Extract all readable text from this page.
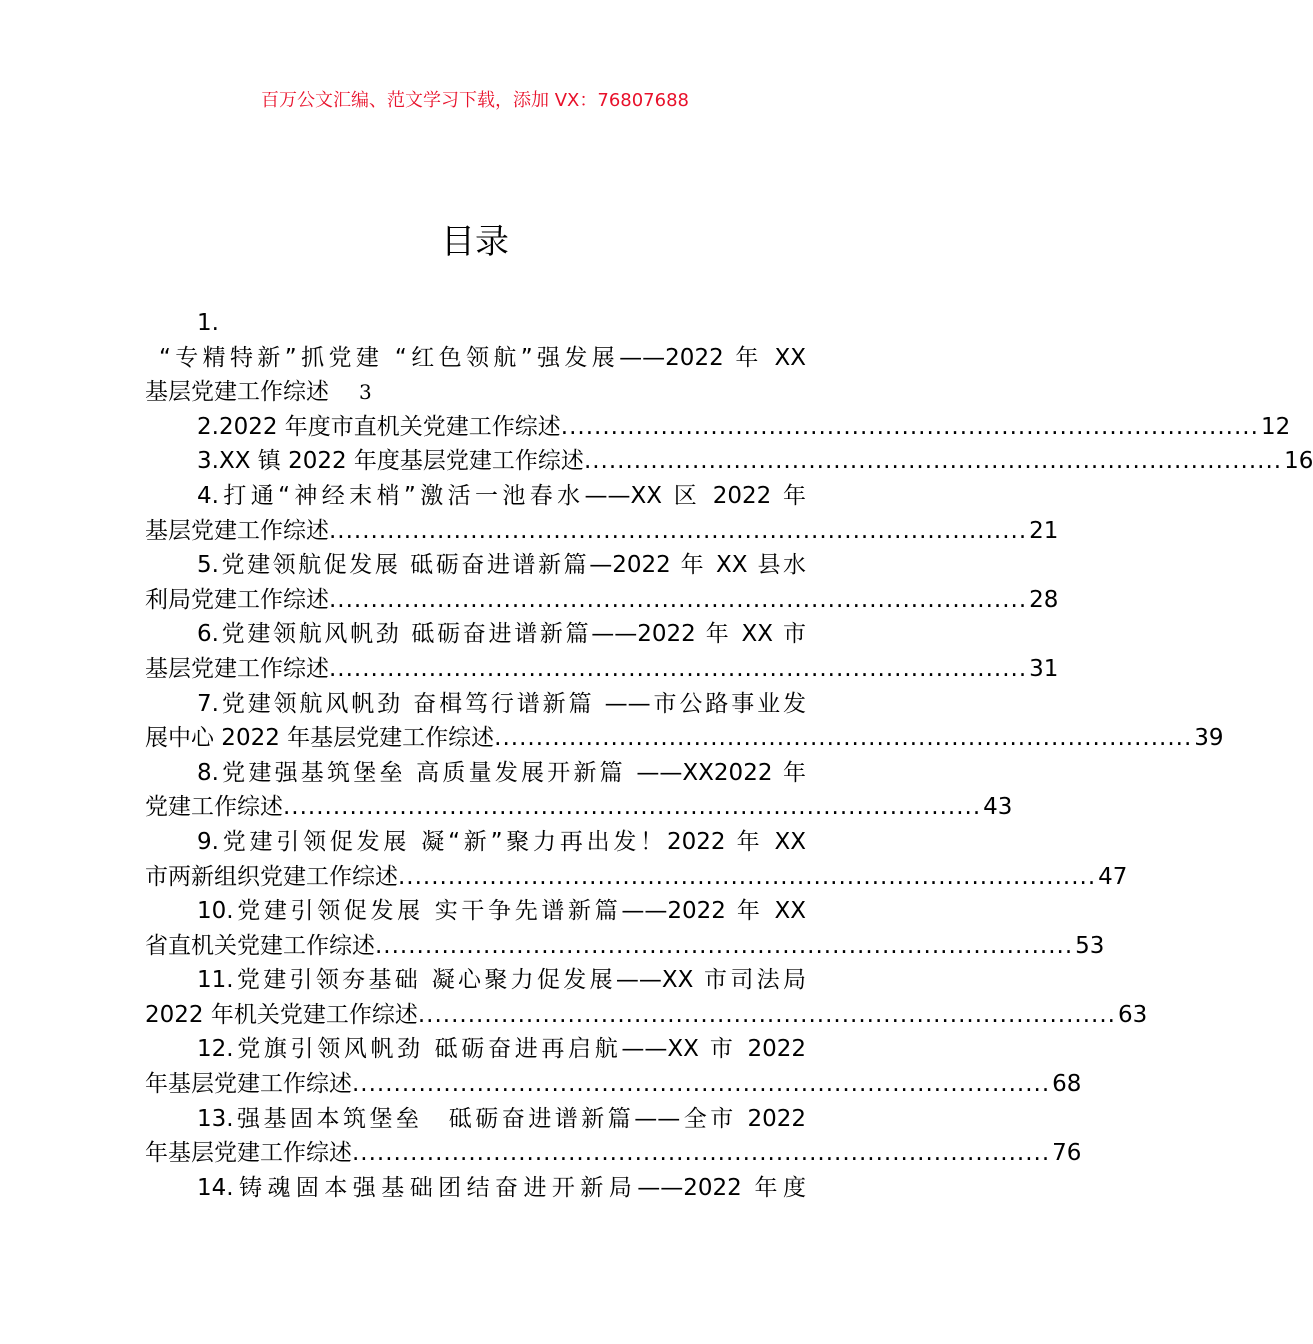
百万公文汇编、范文学习下载，添加 VX：76807688
目录
1.
“专精特新”抓党建 “红色领航”强发展——2022 年 XX
基层党建工作综述 3
2.2022 年度市直机关党建工作综述 .................................................................................... 12
3.XX 镇 2022 年度基层党建工作综述 .................................................................................... 16
4.打通“神经末梢”激活一池春水——XX 区 2022 年
基层党建工作综述 .................................................................................... 21
5.党建领航促发展 砥砺奋进谱新篇—2022 年 XX 县水
利局党建工作综述 .................................................................................... 28
6.党建领航风帆劲 砥砺奋进谱新篇——2022 年 XX 市
基层党建工作综述 .................................................................................... 31
7.党建领航风帆劲 奋楫笃行谱新篇 ——市公路事业发
展中心 2022 年基层党建工作综述 .................................................................................... 39
8.党建强基筑堡垒 高质量发展开新篇 ——XX2022 年
党建工作综述 .................................................................................... 43
9.党建引领促发展 凝“新”聚力再出发！2022 年 XX
市两新组织党建工作综述 .................................................................................... 47
10.党建引领促发展 实干争先谱新篇——2022 年 XX
省直机关党建工作综述 .................................................................................... 53
11.党建引领夯基础 凝心聚力促发展——XX 市司法局
2022 年机关党建工作综述 .................................................................................... 63
12.党旗引领风帆劲 砥砺奋进再启航——XX 市 2022
年基层党建工作综述 .................................................................................... 68
13.强基固本筑堡垒　砥砺奋进谱新篇——全市 2022
年基层党建工作综述 .................................................................................... 76
14.铸魂固本强基础团结奋进开新局——2022 年度
